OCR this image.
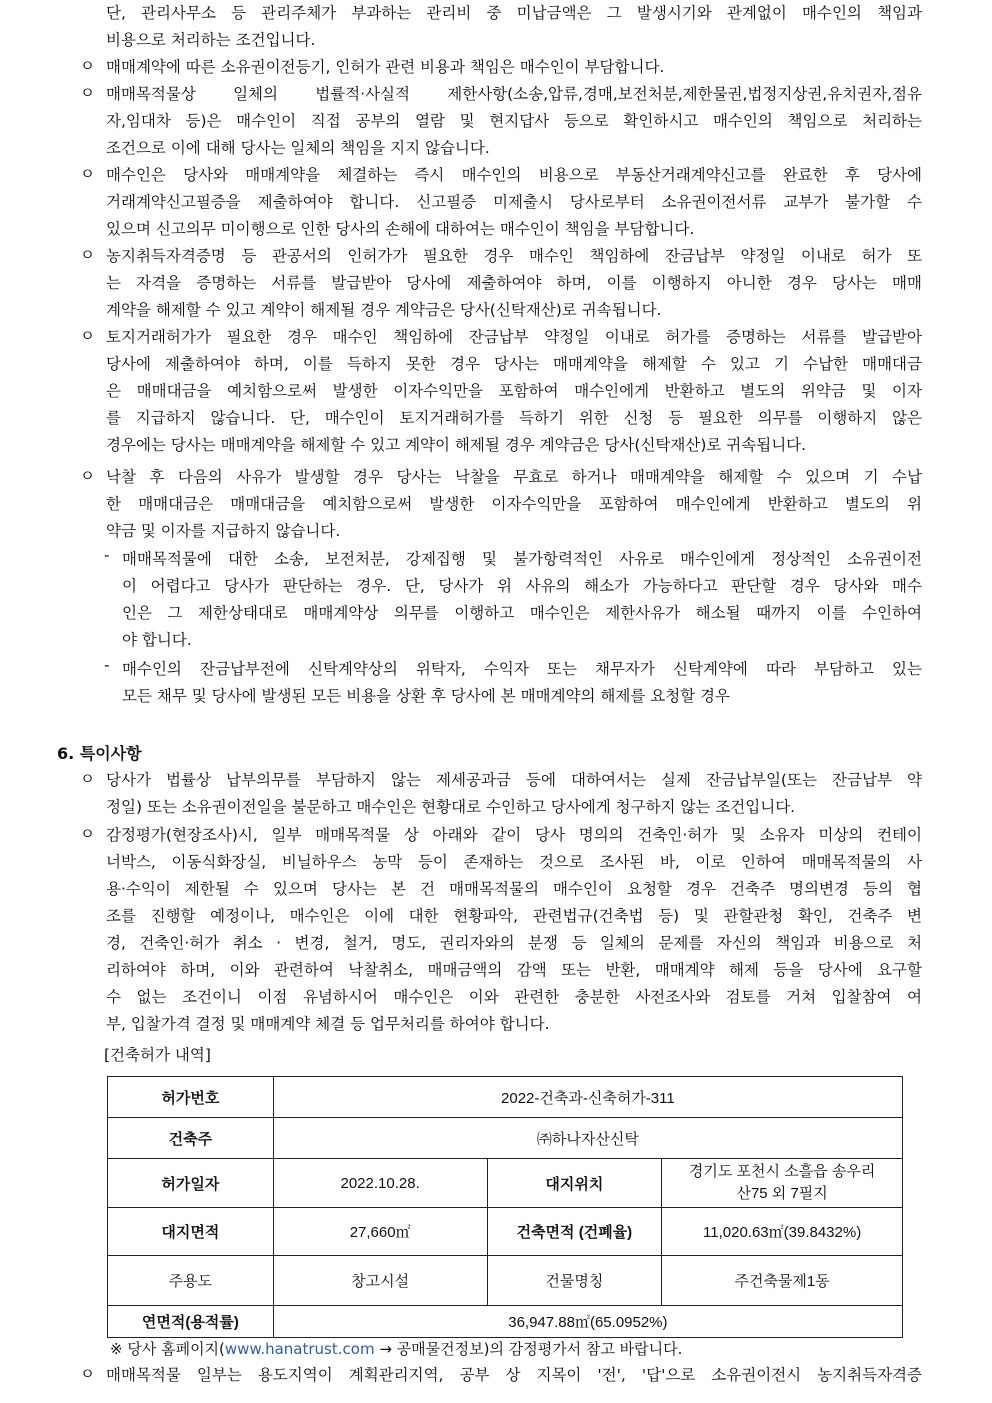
단, 관리사무소 등 관리주체가 부과하는 관리비 중 미납금액은 그 발생시기와 관계없이 매수인의 책임과
비용으로 처리하는 조건입니다.
ㅇ 매매계약에 따른 소유권이전등기, 인허가 관련 비용과 책임은 매수인이 부담합니다.
ㅇ 매매목적물상 일체의 법률적·사실적 제한사항(소송,압류,경매,보전처분,제한물권,법정지상권,유치권자,점유
자,임대차 등)은 매수인이 직접 공부의 열람 및 현지답사 등으로 확인하시고 매수인의 책임으로 처리하는
조건으로 이에 대해 당사는 일체의 책임을 지지 않습니다.
ㅇ 매수인은 당사와 매매계약을 체결하는 즉시 매수인의 비용으로 부동산거래계약신고를 완료한 후 당사에
거래계약신고필증을 제출하여야 합니다. 신고필증 미제출시 당사로부터 소유권이전서류 교부가 불가할 수
있으며 신고의무 미이행으로 인한 당사의 손해에 대하여는 매수인이 책임을 부담합니다.
ㅇ 농지취득자격증명 등 관공서의 인허가가 필요한 경우 매수인 책임하에 잔금납부 약정일 이내로 허가 또
는 자격을 증명하는 서류를 발급받아 당사에 제출하여야 하며, 이를 이행하지 아니한 경우 당사는 매매
계약을 해제할 수 있고 계약이 해제될 경우 계약금은 당사(신탁재산)로 귀속됩니다.
ㅇ 토지거래허가가 필요한 경우 매수인 책임하에 잔금납부 약정일 이내로 허가를 증명하는 서류를 발급받아
당사에 제출하여야 하며, 이를 득하지 못한 경우 당사는 매매계약을 해제할 수 있고 기 수납한 매매대금
은 매매대금을 예치함으로써 발생한 이자수익만을 포함하여 매수인에게 반환하고 별도의 위약금 및 이자
를 지급하지 않습니다. 단, 매수인이 토지거래허가를 득하기 위한 신청 등 필요한 의무를 이행하지 않은
경우에는 당사는 매매계약을 해제할 수 있고 계약이 해제될 경우 계약금은 당사(신탁재산)로 귀속됩니다.
ㅇ 낙찰 후 다음의 사유가 발생할 경우 당사는 낙찰을 무효로 하거나 매매계약을 해제할 수 있으며 기 수납
한 매매대금은 매매대금을 예치함으로써 발생한 이자수익만을 포함하여 매수인에게 반환하고 별도의 위
약금 및 이자를 지급하지 않습니다.
- 매매목적물에 대한 소송, 보전처분, 강제집행 및 불가항력적인 사유로 매수인에게 정상적인 소유권이전
이 어렵다고 당사가 판단하는 경우. 단, 당사가 위 사유의 해소가 가능하다고 판단할 경우 당사와 매수
인은 그 제한상태대로 매매계약상 의무를 이행하고 매수인은 제한사유가 해소될 때까지 이를 수인하여
야 합니다.
- 매수인의 잔금납부전에 신탁계약상의 위탁자, 수익자 또는 채무자가 신탁계약에 따라 부담하고 있는
모든 채무 및 당사에 발생된 모든 비용을 상환 후 당사에 본 매매계약의 해제를 요청할 경우
6. 특이사항
ㅇ 당사가 법률상 납부의무를 부담하지 않는 제세공과금 등에 대하여서는 실제 잔금납부일(또는 잔금납부 약
정일) 또는 소유권이전일을 불문하고 매수인은 현황대로 수인하고 당사에게 청구하지 않는 조건입니다.
ㅇ 감정평가(현장조사)시, 일부 매매목적물 상 아래와 같이 당사 명의의 건축인·허가 및 소유자 미상의 컨테이
너박스, 이동식화장실, 비닐하우스 농막 등이 존재하는 것으로 조사된 바, 이로 인하여 매매목적물의 사
용·수익이 제한될 수 있으며 당사는 본 건 매매목적물의 매수인이 요청할 경우 건축주 명의변경 등의 협
조를 진행할 예정이나, 매수인은 이에 대한 현황파악, 관련법규(건축법 등) 및 관할관청 확인, 건축주 변
경, 건축인·허가 취소 · 변경, 철거, 명도, 권리자와의 분쟁 등 일체의 문제를 자신의 책임과 비용으로 처
리하여야 하며, 이와 관련하여 낙찰취소, 매매금액의 감액 또는 반환, 매매계약 해제 등을 당사에 요구할
수 없는 조건이니 이점 유념하시어 매수인은 이와 관련한 충분한 사전조사와 검토를 거쳐 입찰참여 여
부, 입찰가격 결정 및 매매계약 체결 등 업무처리를 하여야 합니다.
[건축허가 내역]
허가번호	2022-건축과-신축허가-311		
건축주	㈜하나자산신탁		
허가일자	2022.10.28.	대지위치	경기도 포천시 소흘읍 송우리
산75 외 7필지

대지면적	27,660㎡	건축면적 (건폐율)	11,020.63㎡(39.8432%)
주용도	창고시설	건물명칭	주건축물제1동
연면적(용적률)	36,947.88㎡(65.0952%)		
※ 당사 홈페이지(www.hanatrust.com → 공매물건정보)의 감정평가서 참고 바랍니다.
ㅇ 매매목적물 일부는 용도지역이 계획관리지역, 공부 상 지목이 '전', '답'으로 소유권이전시 농지취득자격증
